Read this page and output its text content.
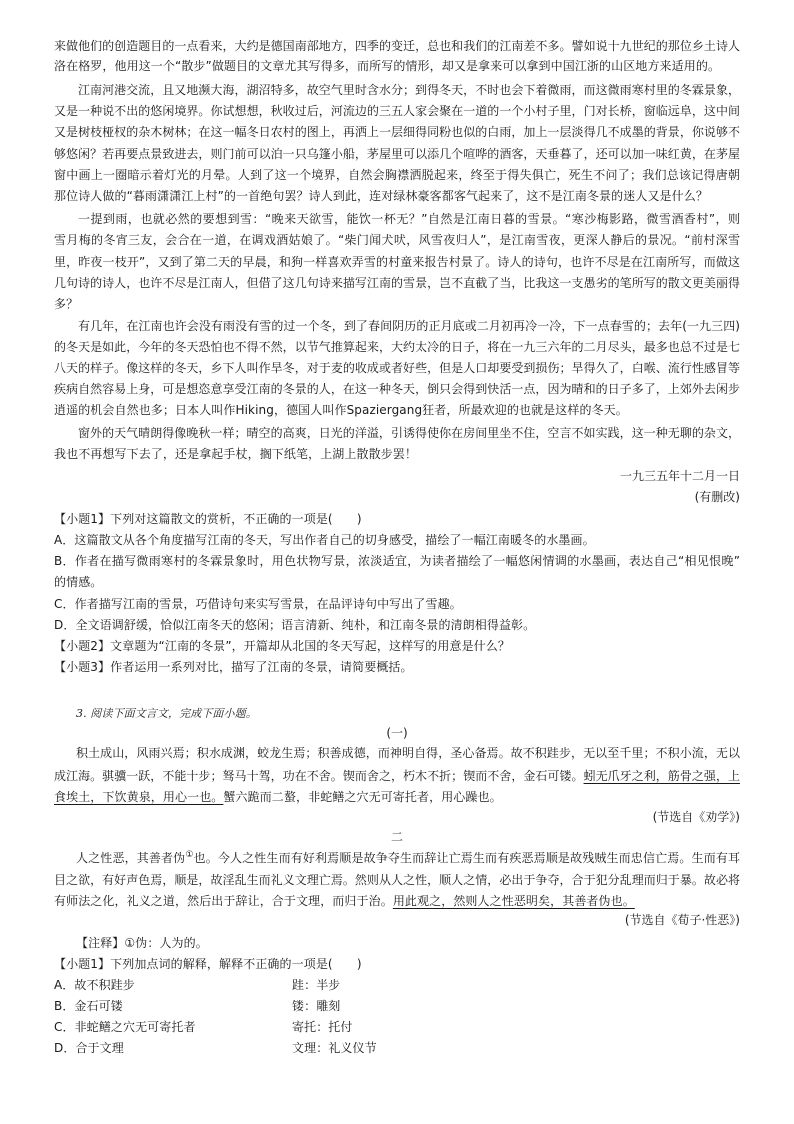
来做他们的创造题目的一点看来，大约是德国南部地方，四季的变迁，总也和我们的江南差不多。譬如说十九世纪的那位乡土诗人
洛在格罗，他用这一个“散步”做题目的文章尤其写得多，而所写的情形，却又是拿来可以拿到中国江浙的山区地方来适用的。
江南河港交流，且又地濒大海，湖沼特多，故空气里时含水分；到得冬天，不时也会下着微雨，而这微雨寒村里的冬霖景象，
又是一种说不出的悠闲境界。你试想想，秋收过后，河流边的三五人家会聚在一道的一个小村子里，门对长桥，窗临远阜，这中间
又是树枝桠杈的杂木树林；在这一幅冬日农村的图上，再洒上一层细得同粉也似的白雨，加上一层淡得几不成墨的背景，你说够不
够悠闲？若再要点景致进去，则门前可以泊一只乌篷小船，茅屋里可以添几个喧哗的酒客，天垂暮了，还可以加一味红黄，在茅屋
窗中画上一圈暗示着灯光的月晕。人到了这一个境界，自然会胸襟洒脱起来，终至于得失俱亡，死生不问了；我们总该记得唐朝
那位诗人做的“暮雨潇潇江上村”的一首绝句罢？诗人到此，连对绿林豪客都客气起来了，这不是江南冬景的迷人又是什么？
一提到雨，也就必然的要想到雪：“晚来天欲雪，能饮一杯无？”自然是江南日暮的雪景。“寒沙梅影路，微雪酒香村”，则
雪月梅的冬宵三友，会合在一道，在调戏酒姑娘了。“柴门闻犬吠，风雪夜归人”，是江南雪夜，更深人静后的景况。“前村深雪
里，昨夜一枝开”，又到了第二天的早晨，和狗一样喜欢弄雪的村童来报告村景了。诗人的诗句，也许不尽是在江南所写，而做这
几句诗的诗人，也许不尽是江南人，但借了这几句诗来描写江南的雪景，岂不直截了当，比我这一支愚劣的笔所写的散文更美丽得
多？
有几年，在江南也许会没有雨没有雪的过一个冬，到了春间阴历的正月底或二月初再冷一冷，下一点春雪的；去年(一九三四)
的冬天是如此，今年的冬天恐怕也不得不然，以节气推算起来，大约太冷的日子，将在一九三六年的二月尽头，最多也总不过是七
八天的样子。像这样的冬天，乡下人叫作旱冬，对于麦的收成或者好些，但是人口却要受到损伤；旱得久了，白喉、流行性感冒等
疾病自然容易上身，可是想恣意享受江南的冬景的人，在这一种冬天，倒只会得到快活一点，因为晴和的日子多了，上郊外去闲步
逍遥的机会自然也多；日本人叫作Hiking，德国人叫作Spaziergang狂者，所最欢迎的也就是这样的冬天。
窗外的天气晴朗得像晚秋一样；晴空的高爽，日光的洋溢，引诱得使你在房间里坐不住，空言不如实践，这一种无聊的杂文，
我也不再想写下去了，还是拿起手杖，搁下纸笔，上湖上散散步罢！
一九三五年十二月一日
(有删改)
【小题1】下列对这篇散文的赏析，不正确的一项是(　　)
A．这篇散文从各个角度描写江南的冬天，写出作者自己的切身感受，描绘了一幅江南暖冬的水墨画。
B．作者在描写微雨寒村的冬霖景象时，用色状物写景，浓淡适宜，为读者描绘了一幅悠闲情调的水墨画，表达自己“相见恨晚”
的情感。
C．作者描写江南的雪景，巧借诗句来实写雪景，在品评诗句中写出了雪趣。
D．全文语调舒缓，恰似江南冬天的悠闲；语言清新、纯朴，和江南冬景的清朗相得益彰。
【小题2】文章题为“江南的冬景”，开篇却从北国的冬天写起，这样写的用意是什么？
【小题3】作者运用一系列对比，描写了江南的冬景，请简要概括。
3. 阅读下面文言文，完成下面小题。
(一)
积土成山，风雨兴焉；积水成渊，蛟龙生焉；积善成德，而神明自得，圣心备焉。故不积跬步，无以至千里；不积小流，无以
成江海。骐骥一跃，不能十步；驽马十驾，功在不舍。锲而舍之，朽木不折；锲而不舍，金石可镂。蚓无爪牙之利，筋骨之强，上
食埃土，下饮黄泉，用心一也。蟹六跪而二螯，非蛇鳝之穴无可寄托者，用心躁也。
(节选自《劝学》)
二
人之性恶，其善者伪①也。今人之性生而有好利焉顺是故争夺生而辞让亡焉生而有疾恶焉顺是故残贼生而忠信亡焉。生而有耳
目之欲，有好声色焉，顺是，故淫乱生而礼义文理亡焉。然则从人之性，顺人之情，必出于争夺，合于犯分乱理而归于暴。故必将
有师法之化，礼义之道，然后出于辞让，合于文理，而归于治。用此观之，然则人之性恶明矣，其善者伪也。
(节选自《荀子·性恶》)
【注释】①伪：人为的。
【小题1】下列加点词的解释，解释不正确的一项是(　　)
A．故不积跬步	跬：半步
B．金石可镂	镂：雕刻
C．非蛇鳝之穴无可寄托者	寄托：托付
D．合于文理	文理：礼义仪节
